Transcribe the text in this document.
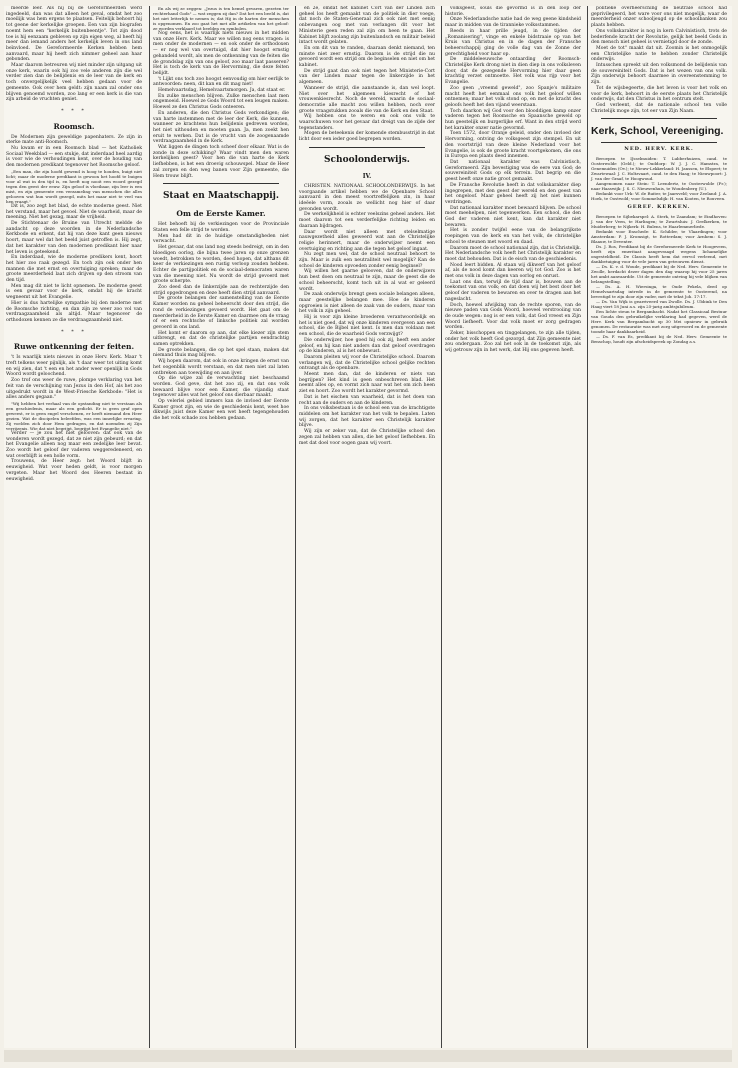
meerde leer. Als hij bij de Gereformeerden werd ingedeeld, dan was dat alleen het geval, omdat het zoo moeilijk was hem ergens te plaatsen. Feitelijk behoort hij tot geene der kerkelijke groepen. Een van zijn biografen noemt hem een "kerkelijk buitenbeentje". Tot zijn dood toe is hij eenzaam gebleven op zijn eigen weg, al heeft hij meer dan iemand anders het kerkelijk leven in ons land beïnvloed. De Gereformeerde Kerken hebben hem aanvaard, maar hij heeft zich nimmer geheel aan haar gebonden.

Maar daarom betreuren wij niet minder zijn uitgang uit onze kerk, waarin ook hij zoo vele anderen zijn die wel verder zien dan de belijdenis en de leer van de kerk en toch onvergelijkelijk veel hebben gedaan voor de gemeente. Ook over hem geldt: zijn naam zal onder ons blijven genoemd worden, zoo lang er een kerk is die van zijn arbeid de vruchten geniet.

* * *
Roomsch.

De Modernen zijn geweldige papenhaters. Ze zijn in sterke mate anti-Roomsch.

Nu kwam er in een Roomsch blad — het Katholiek Sociaal Weekblad — een stukje, dat inderdaad heel aardig is voor wie de verhoudingen kent, over de houding van den modernen predikant tegenover het Roomsche geloof.

„Een man, die zijn hoofd gewend is hoog te houden, buigt niet licht; maar de moderne predikant is gewoon het hoofd te buigen voor al wat in den tijd is, en heeft nog nooit een woord gezegd tegen den geest der eeuw. Zijn geloof is vloeibaar, zijn leer is een mist, en zijn gemeente een verzameling van menschen die alles gelooven wat hun wordt gezegd, mits het maar niet te veel van hen vraagt."

Dit is, zoo zegt het blad, de echte moderne geest. Niet het verstand, maar het gevoel. Niet de waarheid, maar de meening. Niet het gezag, maar de vrijheid.

De Stichtenaar de Bruine van Utrecht meldde de aandacht op deze woorden in de Nederlandsche Kerkbode en erkent, dat hij van deze kant geen nieuws hoort, maar wel dat het beeld juist getroffen is. Hij zegt, dat het karakter van den modernen predikant hier naar het leven is geteekend.

En inderdaad, wie de moderne predikers kent, hoort het hier zoo raak gezegd. En toch zijn ook onder hen mannen die met ernst en overtuiging spreken; maar de groote meerderheid laat zich drijven op den stroom van den tijd.

Men mag dit niet te licht opnemen. De moderne geest is een gevaar voor de kerk, omdat hij de kracht wegneemt uit het Evangelie.

Hier is dus hartelijke sympathie bij den moderne met de Roomsche richting, en dan zijn ze weer zoo vol van verdraagzaamheid als altijd. Maar tegenover de orthodoxen kennen ze die verdraagzaamheid niet.

* * *
Ruwe ontkenning der feiten.

't Is waarlijk niets nieuws in onze Herv. Kerk. Maar 't treft telkens weer pijnlijk, als 't daar weer tot uiting komt en wij zien, dat 't een en het ander weer openlijk in Gods Woord wordt geloochend.

Zoo trof ons weer de ruwe, plompe verklaring van het feit van de verschijning van Jezus in den Hof, als het zoo uitgedrukt wordt in de West-Friesche Kerkbode: "Het is alles anders gegaan."

"Wij hebben het verhaal van de opstanding niet te verstaan als een geschiedenis, maar als een gedicht. Er is geen graf open geweest, er is geen engel verschenen, er heeft niemand den Heer gezien. Wat de discipelen beleefden, was een innerlijke ervaring. Zij voelden zich door Hem gedragen, en dat noemden zij Zijn verrijzenis. Wie dat niet begrijpt, begrijpt het Evangelie niet."

Verder — je zou het niet gelooven: dat ook van de wonderen wordt gezegd, dat ze niet zijn gebeurd; en dat het Evangelie alleen nog maar een zedelijke leer bevat. Zoo wordt het geloof der vaderen weggeredeneerd, en wat overblijft is een holle vorm.

Trouwens, de Heer zegt: het Woord blijft in eeuwigheid. Wat voor heden geldt, is voor morgen vergeten. Maar het Woord des Heeren bestaat in eeuwigheid.

En als wij ze zeggen: „Jezus is ten hemel gevaren, gezeten ter rechterhand Gods" — wat zeggen zij dan? Dat het een beeld is, dat het niet letterlijk te nemen is; dat Hij in de harten der menschen is opgenomen. En zoo gaat het met alle artikelen van het geloof: ze worden verklaard tot beelden en symbolen.

Nog eens, het is waarlijk niets nieuws in het midden van onze Herv. Kerk. Maar we willen nog eens vragen: is men onder de modernen — en ook onder de orthodoxen — er nog wel van overtuigd, dat hier hoogst ernstig gehandeld wordt, als men de ontkenning van de feiten die de grondslag zijn van ons geloof, zoo maar laat passeren? Het is toch de kerk van de Hervorming, die deze feiten belijdt.

't Lijkt ons toch zoo hoogst eenvoudig om hier eerlijk te antwoorden: neen, dit kan en dit mag niet!

Hemelvaartsdag, Hemelvaartsmorgen. Ja, dat staat er.

En zulke menschen blijven. Zulke menschen laat men ongemoeid. Hoewel ze Gods Woord tot een leugen maken. Hoewel ze den Christus Gods onteeren.

En anderen, die den Christus Gods verkondigen; die van harte instemmen met de leer der Kerk, die kunnen, wanneer ze krachtens hun belijdenis gedreven worden, het niet uithouden en moeten gaan. Ja, men zoekt hen eruit te werken. Dat is de vrucht van de zoogenaamde verdraagzaamheid in de Kerk.

Wat liggen de dingen toch scheef door elkaar. Wat is de zonde in deze schikking? Waar vindt men den waren kerkelijken geest? Voor hen die van harte de Kerk liefhebben, is het een droevig schouwspel. Maar de Heer zal zorgen en den weg banen voor Zijn gemeente, die Hem trouw blijft.

Staat en Maatschappij.
Om de Eerste Kamer.

Het behoeft bij de verkiezingen voor de Provinciale Staten een felle strijd te worden.

Men had dit in de huidige omstandigheden niet verwacht.

Het gevaar, dat ons land nog steeds bedreigt, om in den bloedigen oorlog, die bijna twee jaren op onze grenzen woedt, betrokken te worden, deed hopen, dat althans dit keer de verkiezingen een rustig verloop zouden hebben. Echter de partijpolitiek en de sociaal-democraten waren van die meening niet. Nu wordt de strijd gevoerd met groote scherpte.

Zoo deed dan de linkerzijde aan de rechterzijde den strijd opgedrongen en deze heeft dien strijd aanvaard.

De groote belangen der samenstelling van de Eerste Kamer worden nu geheel beheerscht door den strijd, die rond de verkiezingen gevoerd wordt. Het gaat om de meerderheid in de Eerste Kamer en daarmee om de vraag of er een rechtsche of linksche politiek zal worden gevoerd in ons land.

Het komt er daarom op aan, dat elke kiezer zijn stem uitbrengt, en dat de christelijke partijen eendrachtig samen optrekken.

De groote belangen, die op het spel staan, maken dat niemand thuis mag blijven.

Wij hopen daarom, dat ook in onze kringen de ernst van het oogenblik wordt verstaan, en dat men niet zal laten ontbreken aan toewijding en aan ijver.

Op die wijze zal de verwachting niet beschaamd worden. God geve, dat het zoo zij, en dat ons volk bewaard blijve voor een Kamer, die vijandig staat tegenover alles wat het geloof ons dierbaar maakt.

Op velerlei gebied immers kan de invloed der Eerste Kamer groot zijn, en wie de geschiedenis kent, weet hoe dikwijls juist deze Kamer een wet heeft tegengehouden die het volk schade zou hebben gedaan.

en 2e, omdat het kabinet Cort van der Linden zich geheel los heeft gemaakt van de politiek in dier voege, dat noch de Staten-Generaal zich ook niet met eenig onbevangen oog met van verlangen dit voor het Ministerie geen reden zal zijn om heen te gaan. Het Kabinet blijft zoolang zijn buitenlandsch en militair beleid intact wordt gelaten.

En om dit van te randen, daaraan denkt niemand, ten minste niet zeer ernstig. Daarom is de strijd die nu gevoerd wordt een strijd om de beginselen en niet om het kabinet.

De strijd gaat dan ook niet tegen het Ministerie-Cort van der Linden maar tegen de linkerzijde in het algemeen.

Wanneer de strijd, die aanstaande is, dan wel loopt. Niet over het algemeen kiesrecht of het vrouwenkiesrecht. Noch de wereld, waarin de sociaal-democratie alle macht zou willen hebben, noch over groote vraagstukken zooals die van de Kerk en den Staat.

Wij hebben ons te weren en ook ons volk te waarschuwen voor het gevaar dat dreigt van de zijde der tegenstanders.

Mogen de beteekenis der komende stembusstrijd in dat licht door een ieder goed begrepen worden.

Schoolonderwijs.
IV.

CHRISTEN. NATIONAAL SCHOOLONDERWIJS. In het voorgaande artikel hebben we de Openbare School aanvaard in den meest voortreffelijken zin, in haar ideëele vorm, zooals ze wellicht nog hier of daar gevonden wordt.

De werkelijkheid is echter veelszins geheel anders. Het moet daarom tot een verderfelijke richting leiden en daaraan bijdragen.

Daar wordt niet alleen met stelselmatige nauwgezetheid alles geweerd wat aan de Christelijke religie herinnert, maar de onderwijzer neemt een overtuiging en richting aan die tegen het geloof ingaat.

Nu zegt men wel, dat de school neutraal behoort te zijn. Maar is zulk een neutraliteit wel mogelijk? Kan de school de kinderen opvoeden zonder eenig beginsel?

Wij willen het gaarne gelooven, dat de onderwijzers hun best doen om neutraal te zijn, maar de geest die de school beheerscht, komt toch uit in al wat er geleerd wordt.

De zaak onderwijs brengt geen sociale belangen alleen, maar geestelijke belangen mee. Hoe de kinderen opgroeien is niet alleen de zaak van de ouders, maar van het volk in zijn geheel.

Hij is voor zijn kleine broederen verantwoordelijk en het is niet goed, dat wij onze kinderen overgeven aan een school, die de Bijbel niet kent. Is men dan voldaan met een school, die de waarheid Gods verzwijgt?

Die onderwijzer, hoe goed hij ook zij, heeft een ander geloof, en hij kan niet anders dan dat geloof overdragen op de kinderen, al is het onbewust.

Daarom pleiten wij voor de Christelijke school. Daarom verlangen wij, dat de Christelijke school gelijke rechten ontvangt als de openbare.

Meent men dan, dat de kinderen er niets van begrijpen? Het kind is geen onbeschreven blad. Het neemt alles op, en vormt zich naar wat het om zich heen ziet en hoort. Zoo wordt het karakter gevormd.

Dat is het eischen van waarheid, dat is het doen van recht aan de ouders en aan de kinderen.

In ons volksbestaan is de school een van de krachtigste middelen om het karakter van het volk te bepalen. Laten wij zorgen, dat het karakter een Christelijk karakter blijve.

Wij zijn er zeker van, dat de Christelijke school den zegen zal hebben van allen, die het geloof liefhebben. En met dat doel voor oogen gaan wij voort.

volksgeest, souls die gevormd is in den loop der historie.

Onze Nederlandsche natie had de weg geene kindsheid maar in midden van de tirannieke volksstammen.

Reeds in haar prille jeugd, in de tijden der „Romanisering", vinge en enkele bidstraaie op van het Kruis van Christus en in de dagen der Fransche beheerschappij ging de volle dag van de Zonne der gerechtigheid voor haar op.

De middeleeuwsche ontaarding der Roomsch-Christelijke Kerk drong niet in dien diep in ons volksleven door, dat de gezegende Hervorming hier daar geen krachtig verzet ontmoette. Het volk was rijp voor het Evangelie.

Zoo geen „vreemd geweld", zoo Spanje's militaire macht heeft het eenmaal ons volk het geloof willen ontnemen; maar het volk stond op, en met de kracht des geloofs heeft het den vijand weerstaan.

Toch daarkon wij God voor den blooddigen kamp onzer vaderen tegen het Roomsche en Spaansche geweld op hun geestelijk en burgerlijke erf. Want in den strijd werd het karakter onzer natie gevormd.

Toen 1572, door Oranje geleid, onder den invloed der Hervorming, ontving de volksgeest zijn stempel. En uit den voortstrijd van deze kleine Nederland voor het Evangelie, is ook de groote kracht voortgekomen, die ons in Europa een plaats deed innemen.

Dat nationaal karakter was Calvinistisch, Gereformeerd. Zijn bevestiging was de eere van God; de souvereiniteit Gods op elk terrein. Dat begrip en die geest heeft onze natie groot gemaakt.

De Fransche Revolutie heeft in dat volkskarakter diep ingegrepen, met den geest der wereld en den geest van het ongeloof. Maar geheel heeft zij het niet kunnen verdringen.

Dat nationaal karakter moet bewaard blijven. De school moet meehelpen, niet tegenwerken. Een school, die den God der vaderen niet kent, kan dat karakter niet bewaren.

Het is zonder twijfel eene van de belangrijkste roepingen van de kerk en van het volk, de christelijke school te steunen met woord en daad.

Daarom moet de school nationaal zijn, dat is Christelijk. Het Nederlandsche volk heeft het Christelijk karakter en moet dat behouden. Dat is de eisch van de geschiedenis.

Nood leert bidden. Al staan wij dikwerf van het geloof af, als de nood komt dan keeren wij tot God. Zoo is het met ons volk in deze dagen van oorlog en onrust.

Laat ons dan, terwijl de tijd daar is, bouwen aan de toekomst van ons volk; en dat doen wij het best door het geloof der vaderen te bewaren en over te dragen aan het nageslacht.

Doch, hoewel afwijking van de rechte sporen, van de nieuwe paden van Gods Woord, hoeveel verstrooiing van de oude wegen: nog is er een volk, dat God vreest en Zijn Woord liefheeft. Voor dat volk moet er zorg gedragen worden.

Zeker, bisschoppen en tinggelangen, te zijn alle tijden, onder het volk heeft God gezorgd, dat Zijn gemeente niet zou ondergaan. Zoo zal het ook in de toekomst zijn, als wij getrouw zijn in het werk, dat Hij ons gegeven heeft.

politieke overheersching de neutrale school had geprivilegeerd, het ware voor ons niet mogelijk, waar de meerderheid onzer schooljeugd op de schoolbanken zou plaats hebben.

Ons volkskarakter is nog in kern Calvinistisch, trots de bederfende kracht der Revolutie, gelijk het beeld Gods in den mensch niet geheel is vernietigd door de zonde.

Moet de tot" maakt dat uit. Zoomin is het onmogelijk een Christelijke natie te hebben zonder Christelijk onderwijs.

Intusschen spreekt uit den volksmond de belijdenis van de souvereiniteit Gods. Dat is het wezen van ons volk. Zijn onderwijs behoort daarmee in overeenstemming te zijn.

Tot de wijsbegeerte, die het leven is voor het volk en voor de kerk, behoort in de eerste plaats het Christelijk onderwijs, dat den Christus in het centrum stelt.

God verleent, dat de nationale school ten volle Christelijk moge zijn, tot eer van Zijn Naam.

Kerk, School, Vereeniging.
NED. HERV. KERK.

Beroepen te IJsselmuiden: T. Lubberhuizen, cand. te Oosterwolde (Geld.); te Ouddorp: W. J. J. C. Hamstra, te Genemuiden (Ov.); te Nieuw-Lekkerland: H. Janssen, te Elspeet; te Zwartewaal: J. C. Holtzvaart, cand. te den Haag; te Nieuwpoort: J. J. van der Graaf, te Hoogwoud.

Aangenomen naar Stein: T. Leendertz, te Oosterwolde (Fr.); naar Haaswijk: J. S. C. Nieuwenhuis, te Woudenberg (U.).

Bedankt voor Urk: W. de Ruiter, te Jaarsveld; voor Zeeland: J. A. Hoek, te Oostwold; voor Sommelsdijk: H. van Kooten, te Rouveen.

GEREF. KERKEN.

Beroepen te Sijbekarspel: A. Sterk, te Zaandam; te Eindhoven: J. van der Veen, te Harlingen; te Zwartsluis: J. Geelkerken, te Muiderberg; te Nijkerk: H. Bulens, te Haarlemmerliede.

Bedankt voor Enschede: K. Schilder, te Vlaardingen; voor Amsterdam: P. J. Kromsigt, te Rotterdam; voor Arnhem: S. J. Blaauw, te Deventer.

Ds. J. Ros, Predikant bij de Gereformeerde Kerk te Hoogeveen, heeft zijn emeritaat aangevraagd wegens lichamelijke ongesteldheid. De Classis heeft hem dat eervol verleend, met dankbetuiging voor de vele jaren van getrouwen dienst.

— Ds. K. v. d. Woude, predikant bij de Ned. Herv. Gemeente te Zwolle, herdacht dezer dagen den dag waarop hij voor 25 jaren het ambt aanvaardde. Uit de gemeente ontving hij vele blijken van belangstelling.

— Ds. A. H. Wiersinga, te Oude Pekela, deed op Hemelvaartsdag intrede in de gemeente te Oosterend, na bevestigd te zijn door zijn vader, met de tekst Joh. 17:17.

— Ds. Van Wijk is gearriveerd van Zwolle. Ds. J. Ubbink te Den Haag viert 18 Juni a.s. zijn 25-jarig ambtsjubileum.

Een lichte steun te Bergambacht. Nadat het Classicaal Bestuur van Gouda den gebruikelijke verklaring had gegeven, werd de Herv. Kerk van Bergambacht op 30 Mei opnieuw in gebruik genomen. De restauratie was met zorg uitgevoerd en de gemeente toonde haar dankbaarheid.

— Ds. F. van Es, predikant bij de Ned. Herv. Gemeente te Benschop, houdt zijn afscheidspreek op Zondag a.s.
